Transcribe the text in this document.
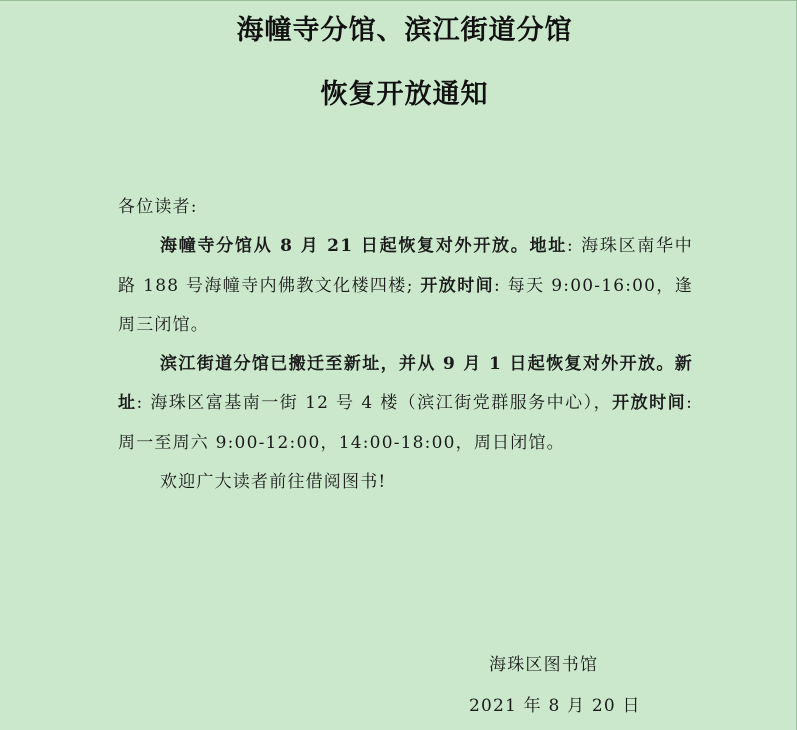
海幢寺分馆、滨江街道分馆
恢复开放通知

各位读者:

海幢寺分馆从 8 月 21 日起恢复对外开放。地址: 海珠区南华中路 188 号海幢寺内佛教文化楼四楼; 开放时间: 每天 9:00-16:00，逢周三闭馆。

滨江街道分馆已搬迁至新址，并从 9 月 1 日起恢复对外开放。新址: 海珠区富基南一街 12 号 4 楼（滨江街党群服务中心），开放时间: 周一至周六 9:00-12:00，14:00-18:00，周日闭馆。

欢迎广大读者前往借阅图书!

海珠区图书馆
2021 年 8 月 20 日
